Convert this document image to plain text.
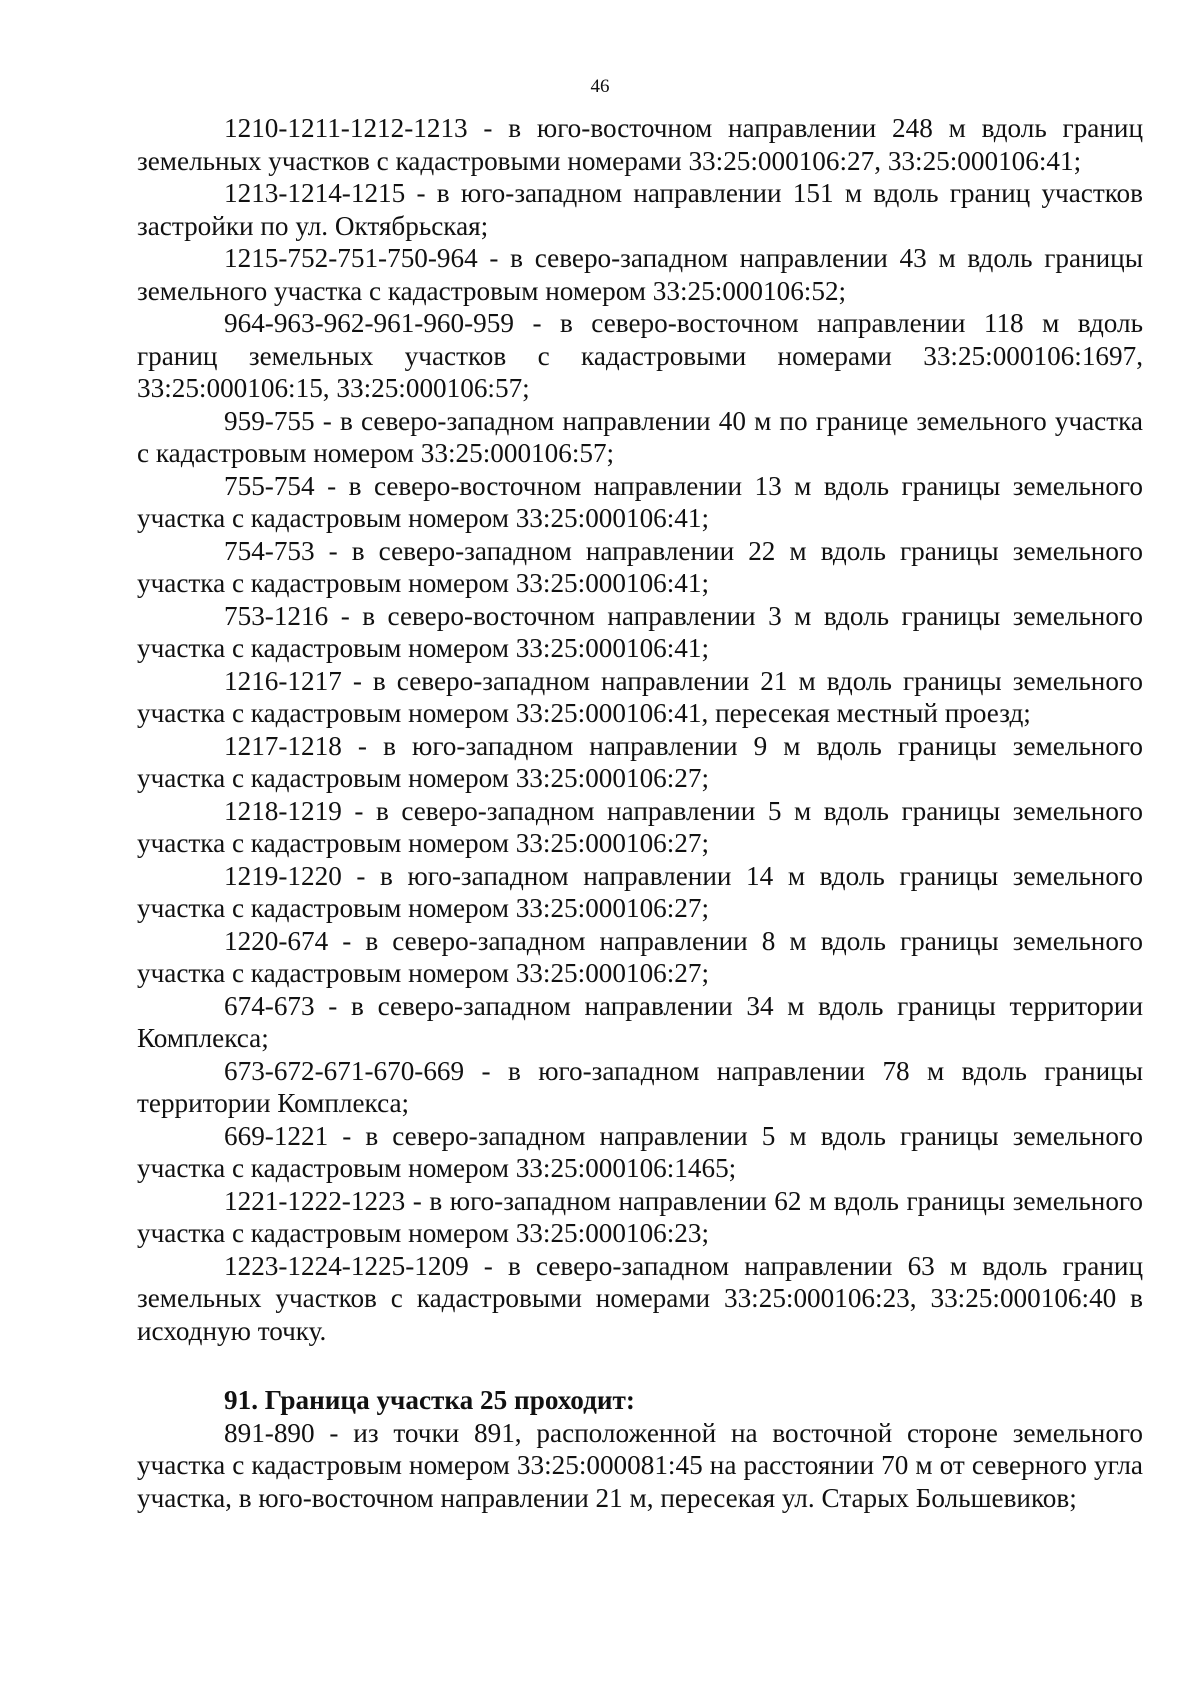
46

1210-1211-1212-1213 - в юго-восточном направлении 248 м вдоль границ земельных участков с кадастровыми номерами 33:25:000106:27, 33:25:000106:41;

1213-1214-1215 - в юго-западном направлении 151 м вдоль границ участков застройки по ул. Октябрьская;

1215-752-751-750-964 - в северо-западном направлении 43 м вдоль границы земельного участка с кадастровым номером 33:25:000106:52;

964-963-962-961-960-959 - в северо-восточном направлении 118 м вдоль границ земельных участков с кадастровыми номерами 33:25:000106:1697, 33:25:000106:15, 33:25:000106:57;

959-755 - в северо-западном направлении 40 м по границе земельного участка с кадастровым номером 33:25:000106:57;

755-754 - в северо-восточном направлении 13 м вдоль границы земельного участка с кадастровым номером 33:25:000106:41;

754-753 - в северо-западном направлении 22 м вдоль границы земельного участка с кадастровым номером 33:25:000106:41;

753-1216 - в северо-восточном направлении 3 м вдоль границы земельного участка с кадастровым номером 33:25:000106:41;

1216-1217 - в северо-западном направлении 21 м вдоль границы земельного участка с кадастровым номером 33:25:000106:41, пересекая местный проезд;

1217-1218 - в юго-западном направлении 9 м вдоль границы земельного участка с кадастровым номером 33:25:000106:27;

1218-1219 - в северо-западном направлении 5 м вдоль границы земельного участка с кадастровым номером 33:25:000106:27;

1219-1220 - в юго-западном направлении 14 м вдоль границы земельного участка с кадастровым номером 33:25:000106:27;

1220-674 - в северо-западном направлении 8 м вдоль границы земельного участка с кадастровым номером 33:25:000106:27;

674-673 - в северо-западном направлении 34 м вдоль границы территории Комплекса;

673-672-671-670-669 - в юго-западном направлении 78 м вдоль границы территории Комплекса;

669-1221 - в северо-западном направлении 5 м вдоль границы земельного участка с кадастровым номером 33:25:000106:1465;

1221-1222-1223 - в юго-западном направлении 62 м вдоль границы земельного участка с кадастровым номером 33:25:000106:23;

1223-1224-1225-1209 - в северо-западном направлении 63 м вдоль границ земельных участков с кадастровыми номерами 33:25:000106:23, 33:25:000106:40 в исходную точку.

91. Граница участка 25 проходит:

891-890 - из точки 891, расположенной на восточной стороне земельного участка с кадастровым номером 33:25:000081:45 на расстоянии 70 м от северного угла участка, в юго-восточном направлении 21 м, пересекая ул. Старых Большевиков;
